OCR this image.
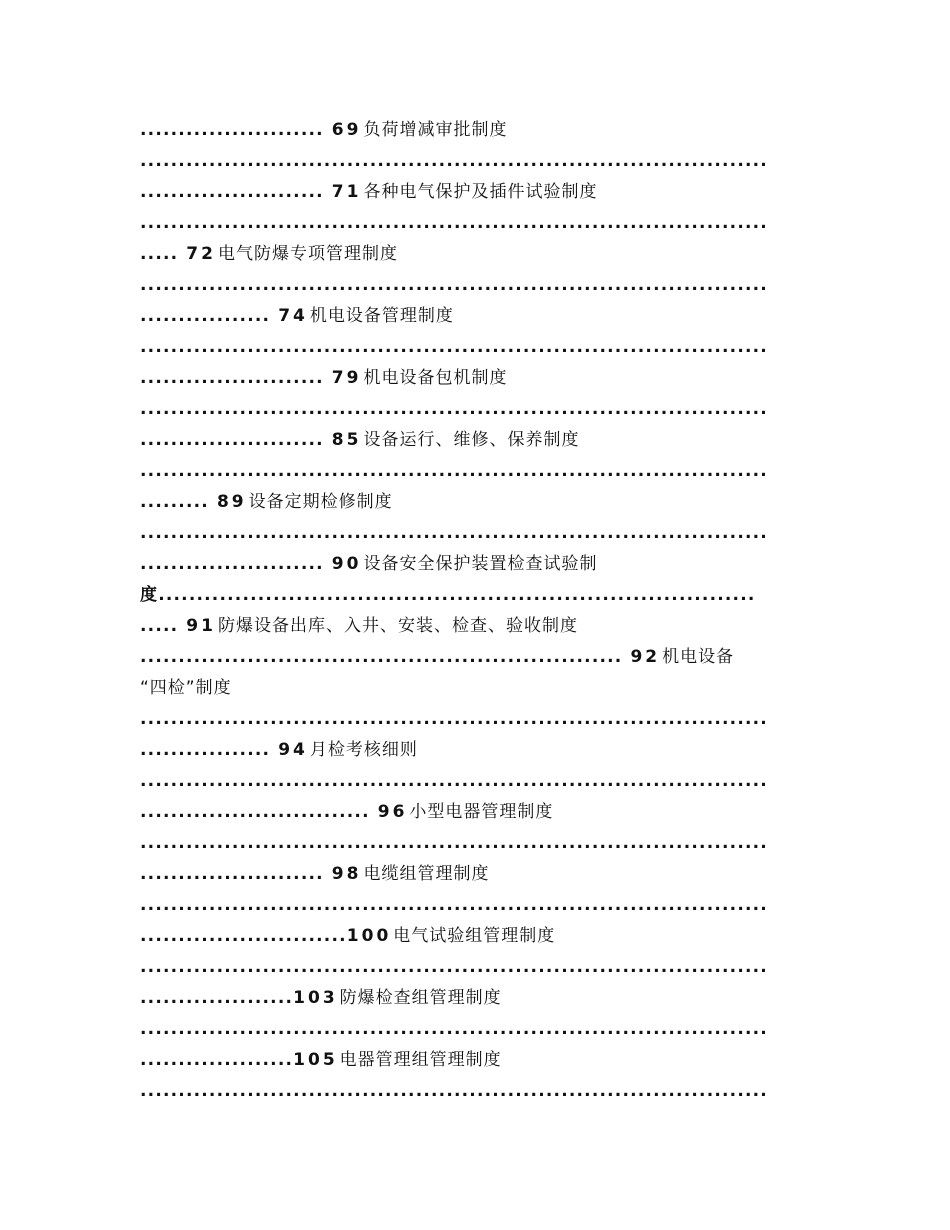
........................ 69 负荷增减审批制度
..................................................................................
........................ 71 各种电气保护及插件试验制度
..................................................................................
..... 72 电气防爆专项管理制度
..................................................................................
................. 74 机电设备管理制度
..................................................................................
........................ 79 机电设备包机制度
..................................................................................
........................ 85 设备运行、维修、保养制度
..................................................................................
......... 89 设备定期检修制度
..................................................................................
........................ 90 设备安全保护装置检查试验制
度..............................................................................
..... 91 防爆设备出库、入井、安装、检查、验收制度
............................................................... 92 机电设备
“四检”制度
..................................................................................
................. 94 月检考核细则
..................................................................................
.............................. 96 小型电器管理制度
..................................................................................
........................ 98 电缆组管理制度
..................................................................................
...........................100 电气试验组管理制度
..................................................................................
....................103 防爆检查组管理制度
..................................................................................
....................105 电器管理组管理制度
..................................................................................
